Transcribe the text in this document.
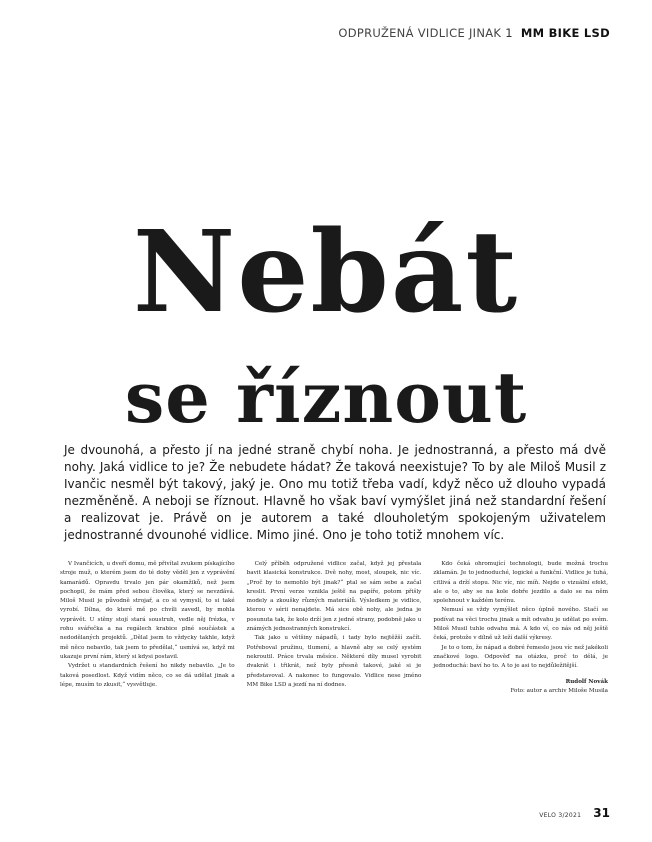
ODPRUŽENÁ VIDLICE JINAK 1 MM BIKE LSD
Nebát
se říznout

Je dvounohá, a přesto jí na jedné straně chybí noha. Je jednostranná, a přesto má dvě nohy. Jaká vidlice to je? Že nebudete hádat? Že taková neexistuje? To by ale Miloš Musil z Ivančic nesměl být takový, jaký je. Ono mu totiž třeba vadí, když něco už dlouho vypadá nezměněně. A neboji se říznout. Hlavně ho však baví vymýšlet jiná než standardní řešení a realizovat je. Právě on je autorem a také dlouholetým spokojeným uživatelem jednostranné dvounohé vidlice. Mimo jiné. Ono je toho totiž mnohem víc.

V Ivančicích, u dveří domu, mě přivítal zvukem pískajícího stroje muž, o kterém jsem do té doby věděl jen z vyprávění kamarádů. Opravdu trvalo jen pár okamžiků, než jsem pochopil, že mám před sebou člověka, který se nevzdává. Miloš Musil je původně strojař, a co si vymyslí, to si také vyrobí. Dílna, do které mě po chvíli zavedl, by mohla vyprávět. U stěny stojí stará soustruh, vedle něj frézka, v rohu svářečka a na regálech krabice plné součástek a nedodělaných projektů. „Dělal jsem to vždycky takhle, když mě něco nebavilo, tak jsem to předělal,“ usmívá se, když mi ukazuje první rám, který si kdysi postavil.

Vydržet u standardních řešení ho nikdy nebavilo. „Je to taková posedlost. Když vidím něco, co se dá udělat jinak a lépe, musím to zkusit,“ vysvětluje.

Celý příběh odpružené vidlice začal, když jej přestala bavit klasická konstrukce. Dvě nohy, most, sloupek, nic víc. „Proč by to nemohlo být jinak?“ ptal se sám sebe a začal kreslit. První verze vznikla ještě na papíře, potom přišly modely a zkoušky různých materiálů. Výsledkem je vidlice, kterou v sérii nenajdete. Má sice obě nohy, ale jedna je posunuta tak, že kolo drží jen z jedné strany, podobně jako u známých jednostranných konstrukcí.

Tak jako u většiny nápadů, i tady bylo nejtěžší začít. Potřeboval pružinu, tlumení, a hlavně aby se celý systém nekroutil. Práce trvala měsíce. Některé díly musel vyrobit dvakrát i třikrát, než byly přesně takové, jaké si je představoval. A nakonec to fungovalo. Vidlice nese jméno MM Bike LSD a jezdí na ní dodnes.

Kdo čeká ohromující technologii, bude možná trochu zklamán. Je to jednoduché, logické a funkční. Vidlice je tuhá, citlivá a drží stopu. Nic víc, nic míň. Nejde o vizuální efekt, ale o to, aby se na kole dobře jezdilo a dalo se na něm spolehnout v každém terénu.

Nemusí se vždy vymýšlet něco úplně nového. Stačí se podívat na věci trochu jinak a mít odvahu je udělat po svém. Miloš Musil tuhle odvahu má. A kdo ví, co nás od něj ještě čeká, protože v dílně už leží další výkresy.

Je to o tom, že nápad a dobré řemeslo jsou víc než jakékoli značkové logo. Odpověď na otázku, proč to dělá, je jednoduchá: baví ho to. A to je asi to nejdůležitější.

Rudolf Novák
Foto: autor a archiv Miloše Musila
VELO 3/2021 31
